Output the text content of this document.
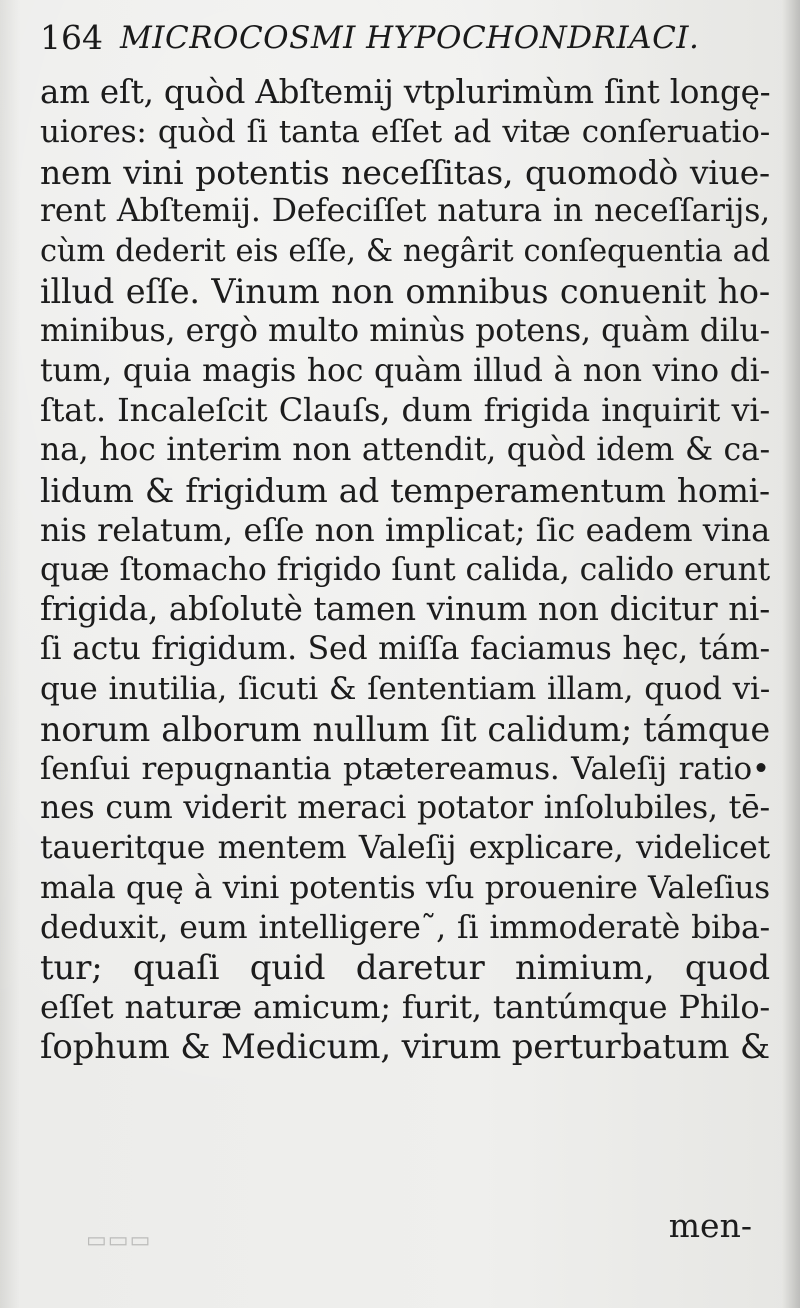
164 MICROCOSMI HYPOCHONDRIACI.
am eſt, quòd Abſtemij vtplurimùm ſint longę-
uiores: quòd ſi tanta eſſet ad vitæ conſeruatio-
nem vini potentis neceſſitas, quomodò viue-
rent Abſtemij. Defeciſſet natura in neceſſarijs,
cùm dederit eis eſſe, & negârit conſequentia ad
illud eſſe. Vinum non omnibus conuenit ho-
minibus, ergò multo minùs potens, quàm dilu-
tum, quia magis hoc quàm illud à non vino di-
ſtat. Incaleſcit Clauſs, dum frigida inquirit vi-
na, hoc interim non attendit, quòd idem & ca-
lidum & frigidum ad temperamentum homi-
nis relatum, eſſe non implicat; ſic eadem vina
quæ ſtomacho frigido ſunt calida, calido erunt
frigida, abſolutè tamen vinum non dicitur ni-
ſi actu frigidum. Sed miſſa faciamus hęc, tám-
que inutilia, ſicuti & ſententiam illam, quod vi-
norum alborum nullum ſit calidum; támque
ſenſui repugnantia ptætereamus. Valeſij ratio•
nes cum viderit meraci potator inſolubiles, tē-
taueritque mentem Valeſij explicare, videlicet
mala quę à vini potentis vſu prouenire Valeſius
deduxit, eum intelligere˜, ſi immoderatè biba-
tur; quaſi quid daretur nimium, quod
eſſet naturæ amicum; furit, tantúmque Philo-
ſophum & Medicum, virum perturbatum &
men-
▭▭▭
